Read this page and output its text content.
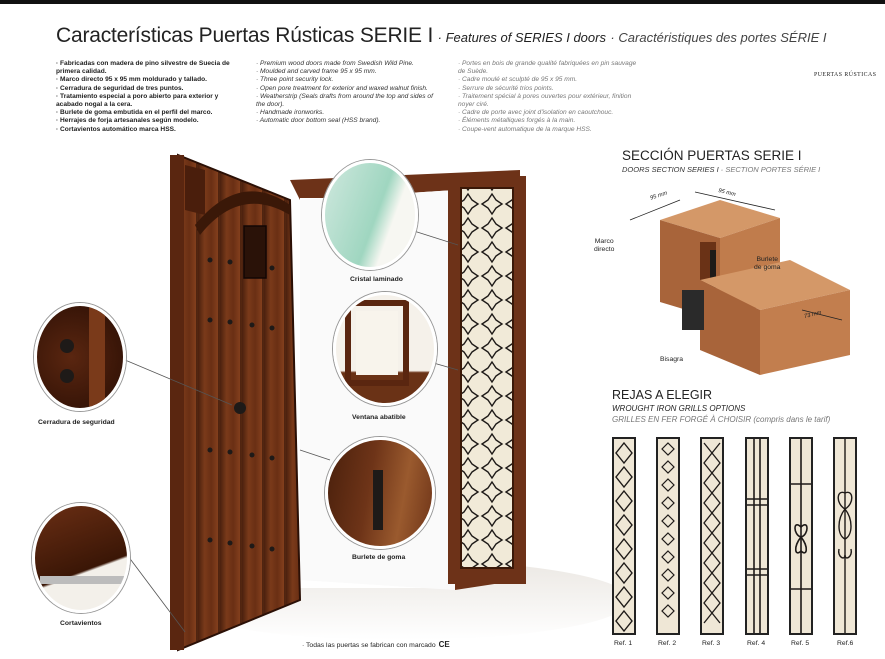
Características Puertas Rústicas SERIE I · Features of SERIES I doors · Caractéristiques des portes SÉRIE I
· Fabricadas con madera de pino silvestre de Suecia de
primera calidad.
· Marco directo 95 x 95 mm moldurado y tallado.
· Cerradura de seguridad de tres puntos.
· Tratamiento especial a poro abierto para exterior y
acabado nogal a la cera.
· Burlete de goma embutida en el perfil del marco.
· Herrajes de forja artesanales según modelo.
· Cortavientos automático marca HSS.
· Premium wood doors made from Swedish Wild Pine.
· Moulded and carved frame 95 x 95 mm.
· Three point security lock.
· Open pore treatment for exterior and waxed walnut finish.
· Weatherstrip (Seals drafts from around the top and sides of
the door).
· Handmade ironworks.
· Automatic door bottom seal (HSS brand).
· Portes en bois de grande qualité fabriquées en pin sauvage
de Suède.
· Cadre moulé et sculpté de 95 x 95 mm.
· Serrure de sécurité trios points.
· Traitement spécial à pores ouvertes pour extérieur, finition
noyer ciré.
· Cadre de porte avec joint d'isolation en caoutchouc.
· Éléments métalliques forgés à la main.
· Coupe-vent automatique de la marque HSS.
PUERTAS RÚSTICAS
Cerradura de seguridad
Cortavientos
Cristal laminado
Ventana abatible
Burlete de goma
SECCIÓN PUERTAS SERIE I
DOORS SECTION SERIES I · SECTION PORTES SÉRIE I
95 mm	95 mm
73 mm
Marco
directo
Burlete
de goma
Bisagra
REJAS A ELEGIR
WROUGHT IRON GRILLS OPTIONS
GRILLES EN FER FORGÉ À CHOISIR (compris dans le tarif)
Ref. 1	Ref. 2	Ref. 3	Ref. 4	Ref. 5	Ref.6
· Todas las puertas se fabrican con marcado CE
